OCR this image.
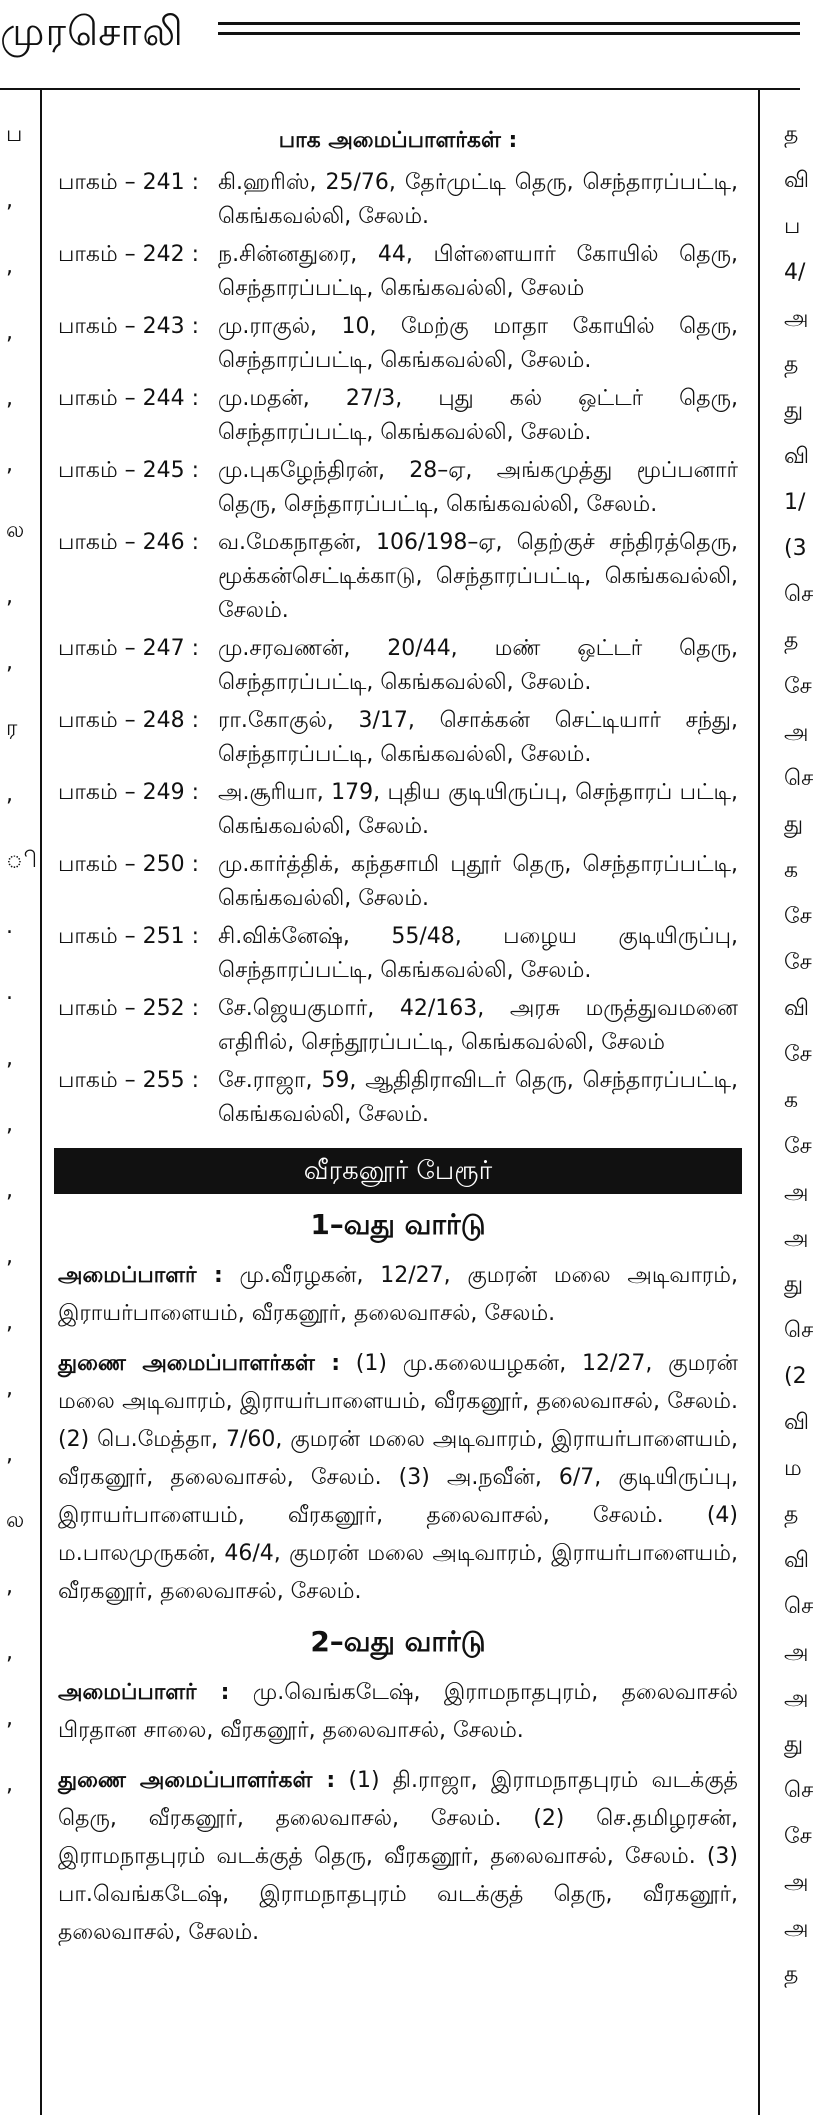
முரசொலி
ப
,
,
,
,
,
ல
,
,
ர
,
ி
.
.
,
,
,
,
,
,
,
ல
,
,
,
,
த
வி
ப
4/
அ
த
து
வி
1/
(3
செ
த
சே
அ
செ
து
க
சே
சே
வி
சே
க
சே
அ
அ
து
செ
(2
வி
ம
த
வி
செ
அ
அ
து
செ
சே
அ
அ
த
பாக அமைப்பாளர்கள் :
பாகம் – 241 : கி.ஹரிஸ், 25/76, தேர்முட்டி தெரு, செந்தாரப்பட்டி, கெங்கவல்லி, சேலம்.
பாகம் – 242 : ந.சின்னதுரை, 44, பிள்ளையார் கோயில் தெரு, செந்தாரப்பட்டி, கெங்கவல்லி, சேலம்
பாகம் – 243 : மு.ராகுல், 10, மேற்கு மாதா கோயில் தெரு, செந்தாரப்பட்டி, கெங்கவல்லி, சேலம்.
பாகம் – 244 : மு.மதன், 27/3, புது கல் ஒட்டர் தெரு, செந்தாரப்பட்டி, கெங்கவல்லி, சேலம்.
பாகம் – 245 : மு.புகழேந்திரன், 28–ஏ, அங்கமுத்து மூப்பனார் தெரு, செந்தாரப்பட்டி, கெங்கவல்லி, சேலம்.
பாகம் – 246 : வ.மேகநாதன், 106/198–ஏ, தெற்குச் சந்திரத்தெரு, மூக்கன்செட்டிக்காடு, செந்தாரப்பட்டி, கெங்கவல்லி, சேலம்.
பாகம் – 247 : மு.சரவணன், 20/44, மண் ஒட்டர் தெரு, செந்தாரப்பட்டி, கெங்கவல்லி, சேலம்.
பாகம் – 248 : ரா.கோகுல், 3/17, சொக்கன் செட்டியார் சந்து, செந்தாரப்பட்டி, கெங்கவல்லி, சேலம்.
பாகம் – 249 : அ.சூரியா, 179, புதிய குடியிருப்பு, செந்தாரப் பட்டி, கெங்கவல்லி, சேலம்.
பாகம் – 250 : மு.கார்த்திக், கந்தசாமி புதூர் தெரு, செந்தாரப்பட்டி, கெங்கவல்லி, சேலம்.
பாகம் – 251 : சி.விக்னேஷ், 55/48, பழைய குடியிருப்பு, செந்தாரப்பட்டி, கெங்கவல்லி, சேலம்.
பாகம் – 252 : சே.ஜெயகுமார், 42/163, அரசு மருத்துவமனை எதிரில், செந்தூரப்பட்டி, கெங்கவல்லி, சேலம்
பாகம் – 255 : சே.ராஜா, 59, ஆதிதிராவிடர் தெரு, செந்தாரப்பட்டி, கெங்கவல்லி, சேலம்.
வீரகனூர் பேரூர்
1–வது வார்டு

அமைப்பாளர் : மு.வீரழகன், 12/27, குமரன் மலை அடிவாரம், இராயர்பாளையம், வீரகனூர், தலைவாசல், சேலம்.

துணை அமைப்பாளர்கள் : (1) மு.கலையழகன், 12/27, குமரன் மலை அடிவாரம், இராயர்பாளையம், வீரகனூர், தலைவாசல், சேலம். (2) பெ.மேத்தா, 7/60, குமரன் மலை அடிவாரம், இராயர்பாளையம், வீரகனூர், தலைவாசல், சேலம். (3) அ.நவீன், 6/7, குடியிருப்பு, இராயர்பாளையம், வீரகனூர், தலைவாசல், சேலம். (4) ம.பாலமுருகன், 46/4, குமரன் மலை அடிவாரம், இராயர்பாளையம், வீரகனூர், தலைவாசல், சேலம்.

2–வது வார்டு

அமைப்பாளர் : மு.வெங்கடேஷ், இராமநாதபுரம், தலைவாசல் பிரதான சாலை, வீரகனூர், தலைவாசல், சேலம்.

துணை அமைப்பாளர்கள் : (1) தி.ராஜா, இராமநாதபுரம் வடக்குத் தெரு, வீரகனூர், தலைவாசல், சேலம். (2) செ.தமிழரசன், இராமநாதபுரம் வடக்குத் தெரு, வீரகனூர், தலைவாசல், சேலம். (3) பா.வெங்கடேஷ், இராமநாதபுரம் வடக்குத் தெரு, வீரகனூர், தலைவாசல், சேலம்.
